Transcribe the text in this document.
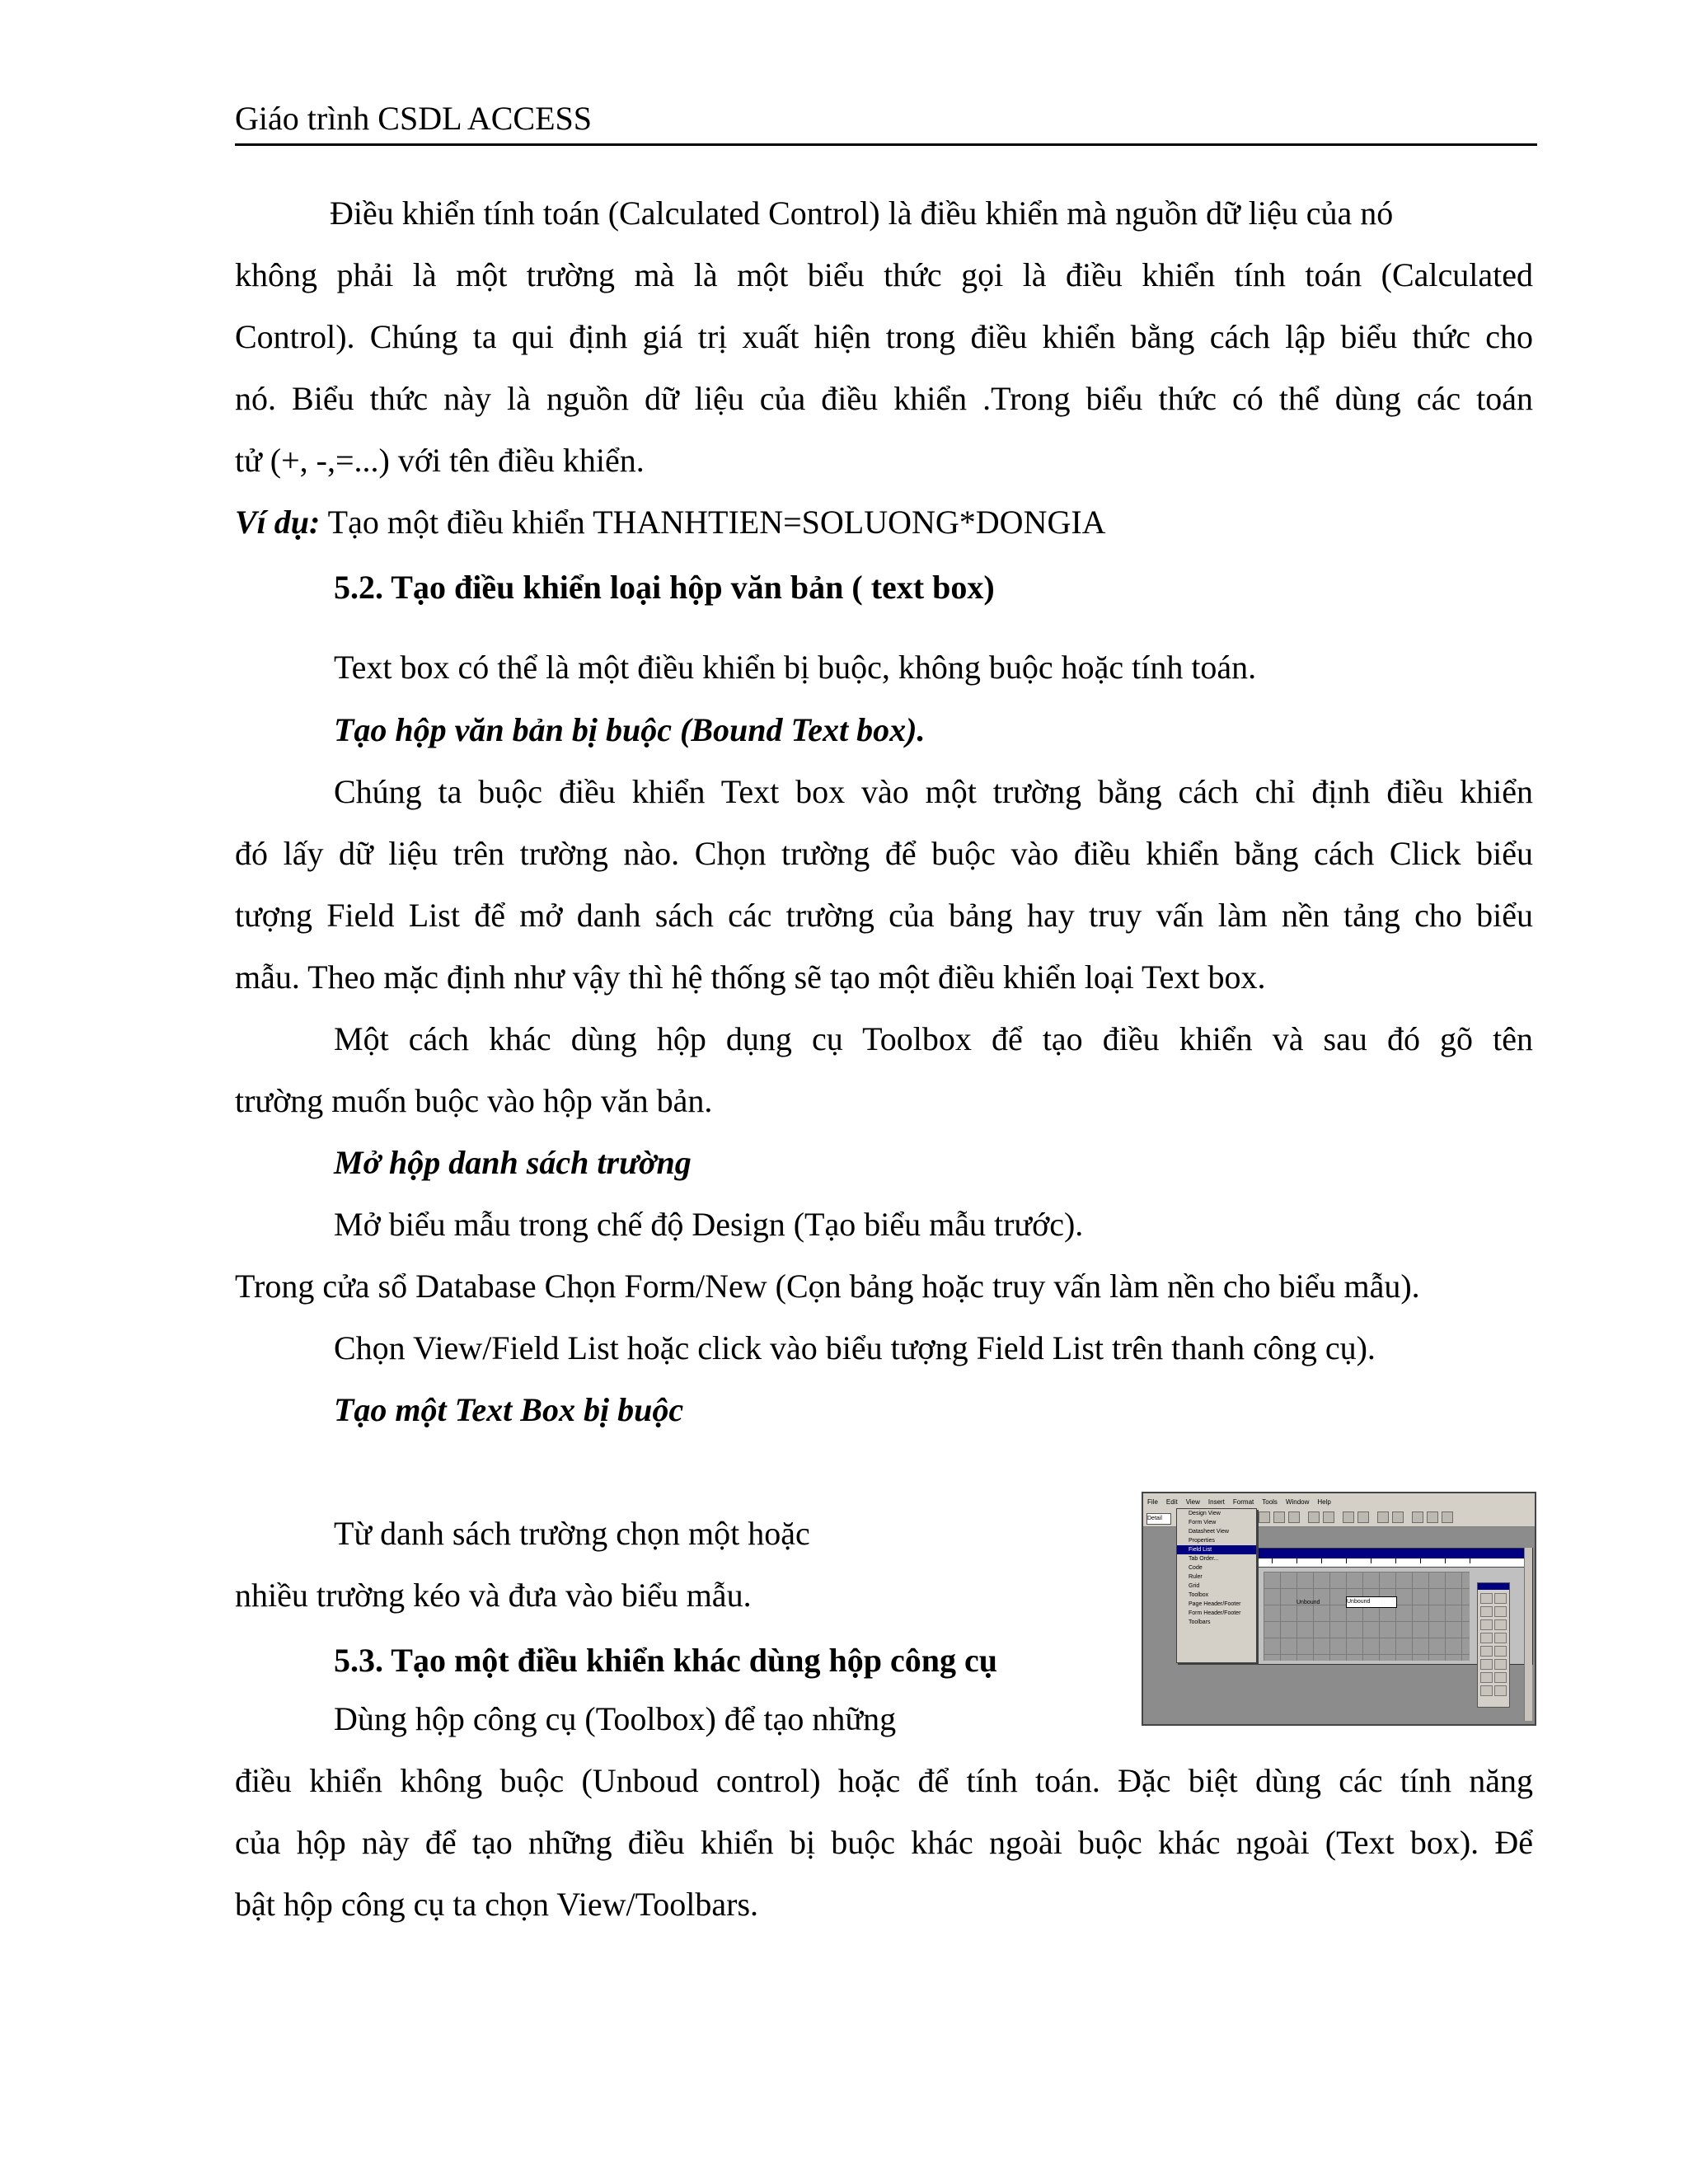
Giáo trình CSDL ACCESS
Điều khiển tính toán (Calculated Control) là điều khiển mà nguồn dữ liệu của nó
không phải là một trường mà là một biểu thức gọi là điều khiển tính toán (Calculated
Control). Chúng ta qui định giá trị xuất hiện trong điều khiển bằng cách lập biểu thức cho
nó. Biểu thức này là nguồn dữ liệu của điều khiển .Trong biểu thức có thể dùng các toán
tử (+, -,=...) với tên điều khiển.
Ví dụ: Tạo một điều khiển THANHTIEN=SOLUONG*DONGIA
5.2. Tạo điều khiển loại hộp văn bản ( text box)
Text box có thể là một điều khiển bị buộc, không buộc hoặc tính toán.
Tạo hộp văn bản bị buộc (Bound Text box).
Chúng ta buộc điều khiển Text box vào một trường bằng cách chỉ định điều khiển
đó lấy dữ liệu trên trường nào. Chọn trường để buộc vào điều khiển bằng cách Click biểu
tượng Field List để mở danh sách các trường của bảng hay truy vấn làm nền tảng cho biểu
mẫu. Theo mặc định như vậy thì hệ thống sẽ tạo một điều khiển loại Text box.
Một cách khác dùng hộp dụng cụ Toolbox để tạo điều khiển và sau đó gõ tên
trường muốn buộc vào hộp văn bản.
Mở hộp danh sách trường
Mở biểu mẫu trong chế độ Design (Tạo biểu mẫu trước).
Trong cửa sổ Database Chọn Form/New (Cọn bảng hoặc truy vấn làm nền cho biểu mẫu).
Chọn View/Field List hoặc click vào biểu tượng Field List trên thanh công cụ).
Tạo một Text Box bị buộc
Từ danh sách trường chọn một hoặc
nhiều trường kéo và đưa vào biểu mẫu.
5.3. Tạo một điều khiển khác dùng hộp công cụ
Dùng hộp công cụ (Toolbox) để tạo những
điều khiển không buộc (Unboud control) hoặc để tính toán. Đặc biệt dùng các tính năng
của hộp này để tạo những điều khiển bị buộc khác ngoài buộc khác ngoài (Text box). Để
bật hộp công cụ ta chọn View/Toolbars.
File Edit View Insert Format Tools Window Help
Detail
Unbound	Unbound
Design View
Form View
Datasheet View
Properties
Field List
Tab Order...
Code
Ruler
Grid
Toolbox
Page Header/Footer
Form Header/Footer
Toolbars
